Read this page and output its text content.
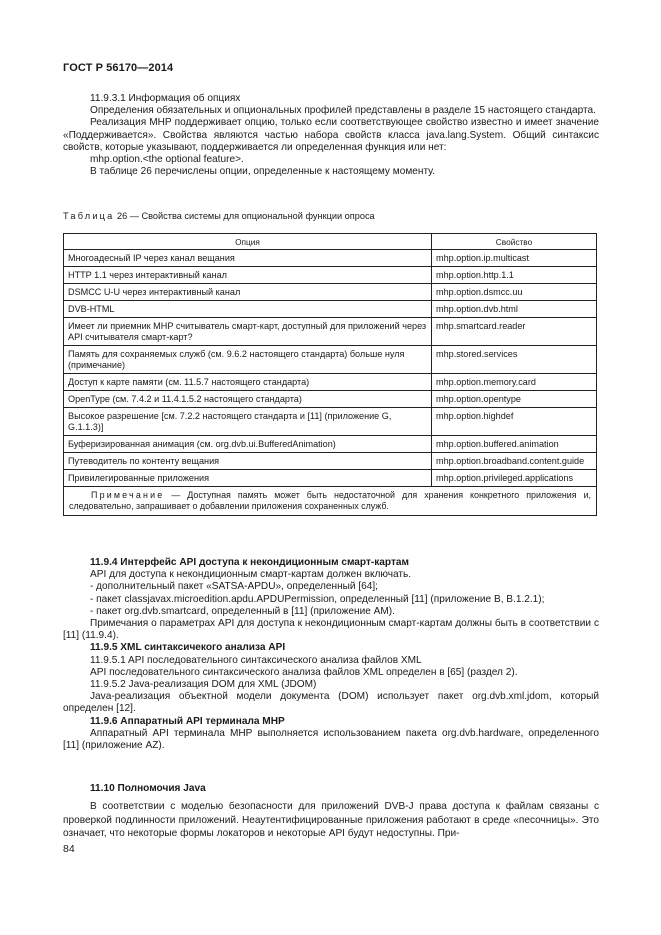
ГОСТ Р 56170—2014

11.9.3.1 Информация об опциях

Определения обязательных и опциональных профилей представлены в разделе 15 настоящего стандарта.

Реализация МНР поддерживает опцию, только если соответствующее свойство известно и имеет значение «Поддерживается». Свойства являются частью набора свойств класса java.lang.System. Общий синтаксис свойств, которые указывают, поддерживается ли определенная функция или нет:

mhp.option.<the optional feature>.

В таблице 26 перечислены опции, определенные к настоящему моменту.

Таблица 26 — Свойства системы для опциональной функции опроса
Опция	Свойство
Многоадесный IP через канал вещания	mhp.option.ip.multicast
HTTP 1.1 через интерактивный канал	mhp.option.http.1.1
DSMCC U-U через интерактивный канал	mhp.option.dsmcc.uu
DVB-HTML	mhp.option.dvb.html
Имеет ли приемник МНР считыватель смарт-карт, доступный для приложений через API считывателя смарт-карт?	mhp.smartcard.reader
Память для сохраняемых служб (см. 9.6.2 настоящего стандарта) больше нуля (примечание)	mhp.stored.services
Доступ к карте памяти (см. 11.5.7 настоящего стандарта)	mhp.option.memory.card
OpenType (см. 7.4.2 и 11.4.1.5.2 настоящего стандарта)	mhp.option.opentype
Высокое разрешение [см. 7.2.2 настоящего стандарта и [11] (приложение G, G.1.1.3)]	mhp.option.highdef
Буферизированная анимация (см. org.dvb.ui.BufferedAnimation)	mhp.option.buffered.animation
Путеводитель по контенту вещания	mhp.option.broadband.content.guide
Привилегированные приложения	mhp.option.privileged.applications
Примечание — Доступная память может быть недостаточной для хранения конкретного приложения и, следовательно, запрашивает о добавлении приложения сохраненных служб.	

11.9.4 Интерфейс API доступа к некондиционным смарт-картам

API для доступа к некондиционным смарт-картам должен включать.

- дополнительный пакет «SATSA-APDU», определенный [64];

- пакет classjavax.microedition.apdu.APDUPermission, определенный [11] (приложение В, В.1.2.1);

- пакет org.dvb.smartcard, определенный в [11] (приложение АМ).

Примечания о параметрах API для доступа к некондиционным смарт-картам должны быть в соответствии с [11] (11.9.4).

11.9.5 XML синтаксичекого анализа API

11.9.5.1 API последовательного синтаксического анализа файлов XML

API последовательного синтаксического анализа файлов XML определен в [65] (раздел 2).

11.9.5.2 Java-реализация DOM для XML (JDOM)

Java-реализация объектной модели документа (DOM) использует пакет org.dvb.xml.jdom, который определен [12].

11.9.6 Аппаратный API терминала МНР

Аппаратный API терминала МНР выполняется использованием пакета org.dvb.hardware, определенного [11] (приложение AZ).

11.10 Полномочия Java

В соответствии с моделью безопасности для приложений DVB-J права доступа к файлам связаны с проверкой подлинности приложений. Неаутентифицированные приложения работают в среде «песочницы». Это означает, что некоторые формы локаторов и некоторые API будут недоступны. При-

84
